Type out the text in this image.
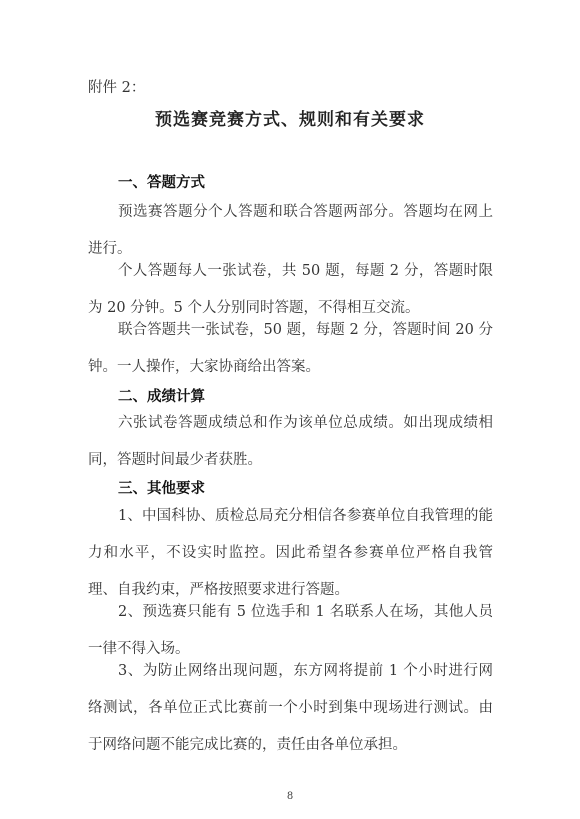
附件 2：
预选赛竞赛方式、规则和有关要求
一、答题方式

预选赛答题分个人答题和联合答题两部分。答题均在网上进行。

个人答题每人一张试卷，共 50 题，每题 2 分，答题时限为 20 分钟。5 个人分别同时答题，不得相互交流。

联合答题共一张试卷，50 题，每题 2 分，答题时间 20 分钟。一人操作，大家协商给出答案。

二、成绩计算

六张试卷答题成绩总和作为该单位总成绩。如出现成绩相同，答题时间最少者获胜。

三、其他要求

1、中国科协、质检总局充分相信各参赛单位自我管理的能力和水平，不设实时监控。因此希望各参赛单位严格自我管理、自我约束，严格按照要求进行答题。

2、预选赛只能有 5 位选手和 1 名联系人在场，其他人员一律不得入场。

3、为防止网络出现问题，东方网将提前 1 个小时进行网络测试，各单位正式比赛前一个小时到集中现场进行测试。由于网络问题不能完成比赛的，责任由各单位承担。

8
